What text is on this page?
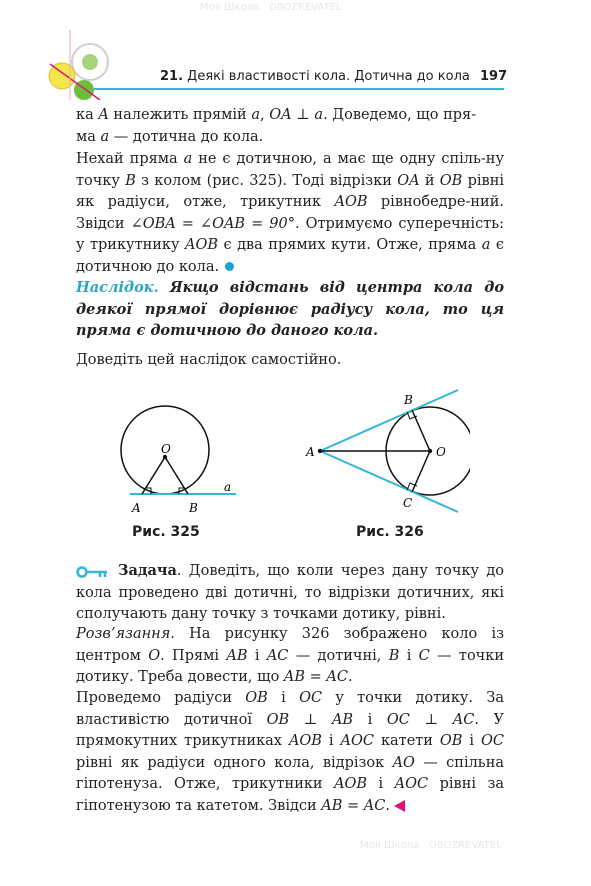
21. Деякі властивості кола. Дотична до кола 197

ка A належить прямій a, OA ⊥ a. Доведемо, що пря-

ма a — дотична до кола.

Нехай пряма a не є дотичною, а має ще одну спіль-ну точку B з колом (рис. 325). Тоді відрізки OA й OB рівні як радіуси, отже, трикутник AOB рівнобедре-ний. Звідси ∠OBA = ∠OAB = 90°. Отримуємо суперечність: у трикутнику AOB є два прямих кути. Отже, пряма a є дотичною до кола.

Наслідок. Якщо відстань від центра кола до деякої прямої дорівнює радіусу кола, то ця пряма є дотичною до даного кола.
Доведіть цей наслідок самостійно.
O
A	B
a
Рис. 325
A
B
C
O
Рис. 326
Задача. Доведіть, що коли через дану точку до кола проведено дві дотичні, то відрізки дотичних, які сполучають дану точку з точками дотику, рівні.
Розв’язання. На рисунку 326 зображено коло із центром O. Прямі AB і AC — дотичні, B і C — точки дотику. Треба довести, що AB = AC.
Проведемо радіуси OB і OC у точки дотику. За властивістю дотичної OB ⊥ AB і OC ⊥ AC. У прямокутних трикутниках AOB і AOC катети OB і OC рівні як радіуси одного кола, відрізок AO — спільна гіпотенуза. Отже, трикутники AOB і AOC рівні за гіпотенузою та катетом. Звідси AB = AC.
Моя Школа OBOZREVATEL
Моя Школа OBOZREVATEL
